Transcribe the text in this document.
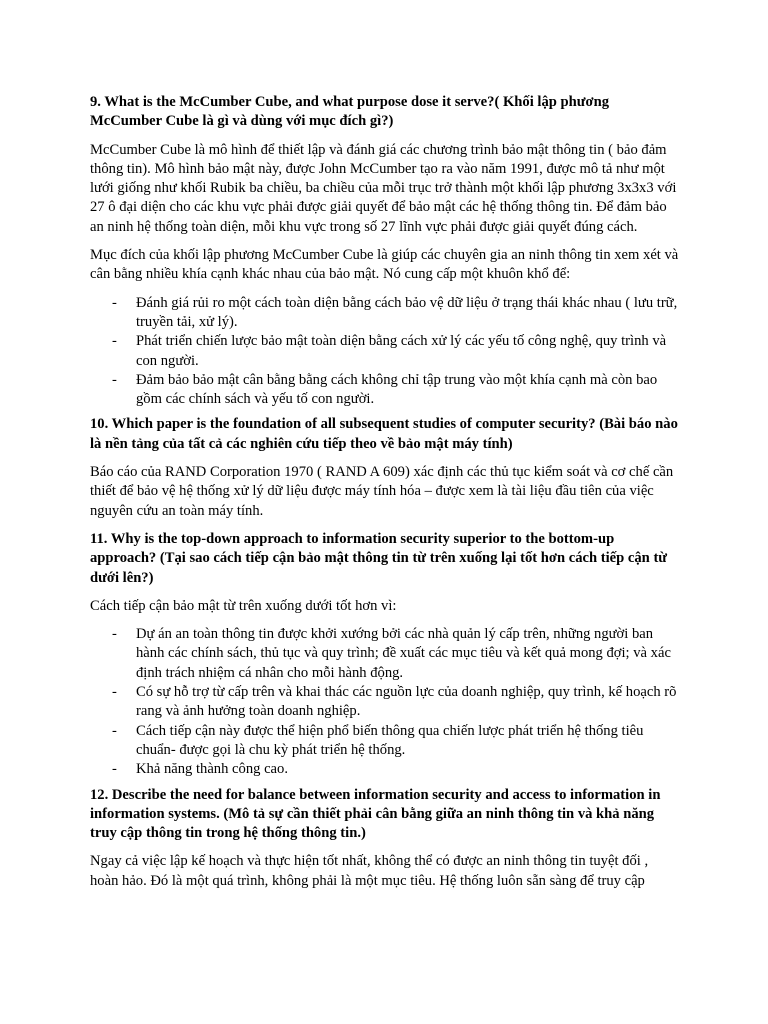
9. What is the McCumber Cube, and what purpose dose it serve?( Khối lập phương McCumber Cube là gì và dùng với mục đích gì?)
McCumber Cube là mô hình để thiết lập và đánh giá các chương trình bảo mật thông tin ( bảo đảm thông tin). Mô hình bảo mật này, được John McCumber tạo ra vào năm 1991, được mô tả như một lưới giống như khối Rubik ba chiều, ba chiều của mỗi trục trở thành một khối lập phương 3x3x3 với 27 ô đại diện cho các khu vực phải được giải quyết để bảo mật các hệ thống thông tin. Để đảm bảo an ninh hệ thống toàn diện, mỗi khu vực trong số 27 lĩnh vực phải được giải quyết đúng cách.
Mục đích của khối lập phương McCumber Cube là giúp các chuyên gia an ninh thông tin xem xét và cân bằng nhiều khía cạnh khác nhau của bảo mật. Nó cung cấp một khuôn khổ để:
- Đánh giá rủi ro một cách toàn diện bằng cách bảo vệ dữ liệu ở trạng thái khác nhau ( lưu trữ, truyền tải, xử lý).
- Phát triển chiến lược bảo mật toàn diện bằng cách xử lý các yếu tố công nghệ, quy trình và con người.
- Đảm bảo bảo mật cân bằng bằng cách không chỉ tập trung vào một khía cạnh mà còn bao gồm các chính sách và yếu tố con người.
10. Which paper is the foundation of all subsequent studies of computer security? (Bài báo nào là nền tảng của tất cả các nghiên cứu tiếp theo về bảo mật máy tính)
Báo cáo của RAND Corporation 1970 ( RAND A 609) xác định các thủ tục kiểm soát và cơ chế cần thiết để bảo vệ hệ thống xử lý dữ liệu được máy tính hóa – được xem là tài liệu đầu tiên của việc nguyên cứu an toàn máy tính.
11. Why is the top-down approach to information security superior to the bottom-up approach? (Tại sao cách tiếp cận bảo mật thông tin từ trên xuống lại tốt hơn cách tiếp cận từ dưới lên?)
Cách tiếp cận bảo mật từ trên xuống dưới tốt hơn vì:
- Dự án an toàn thông tin được khởi xướng bởi các nhà quản lý cấp trên, những người ban hành các chính sách, thủ tục và quy trình; đề xuất các mục tiêu và kết quả mong đợi; và xác định trách nhiệm cá nhân cho mỗi hành động.
- Có sự hỗ trợ từ cấp trên và khai thác các nguồn lực của doanh nghiệp, quy trình, kế hoạch rõ rang và ảnh hưởng toàn doanh nghiệp.
- Cách tiếp cận này được thể hiện phổ biến thông qua chiến lược phát triển hệ thống tiêu chuẩn- được gọi là chu kỳ phát triển hệ thống.
- Khả năng thành công cao.
12. Describe the need for balance between information security and access to information in information systems. (Mô tả sự cần thiết phải cân bằng giữa an ninh thông tin và khả năng truy cập thông tin trong hệ thống thông tin.)
Ngay cả việc lập kế hoạch và thực hiện tốt nhất, không thể có được an ninh thông tin tuyệt đối , hoàn hảo. Đó là một quá trình, không phải là một mục tiêu. Hệ thống luôn sẵn sàng để truy cập
